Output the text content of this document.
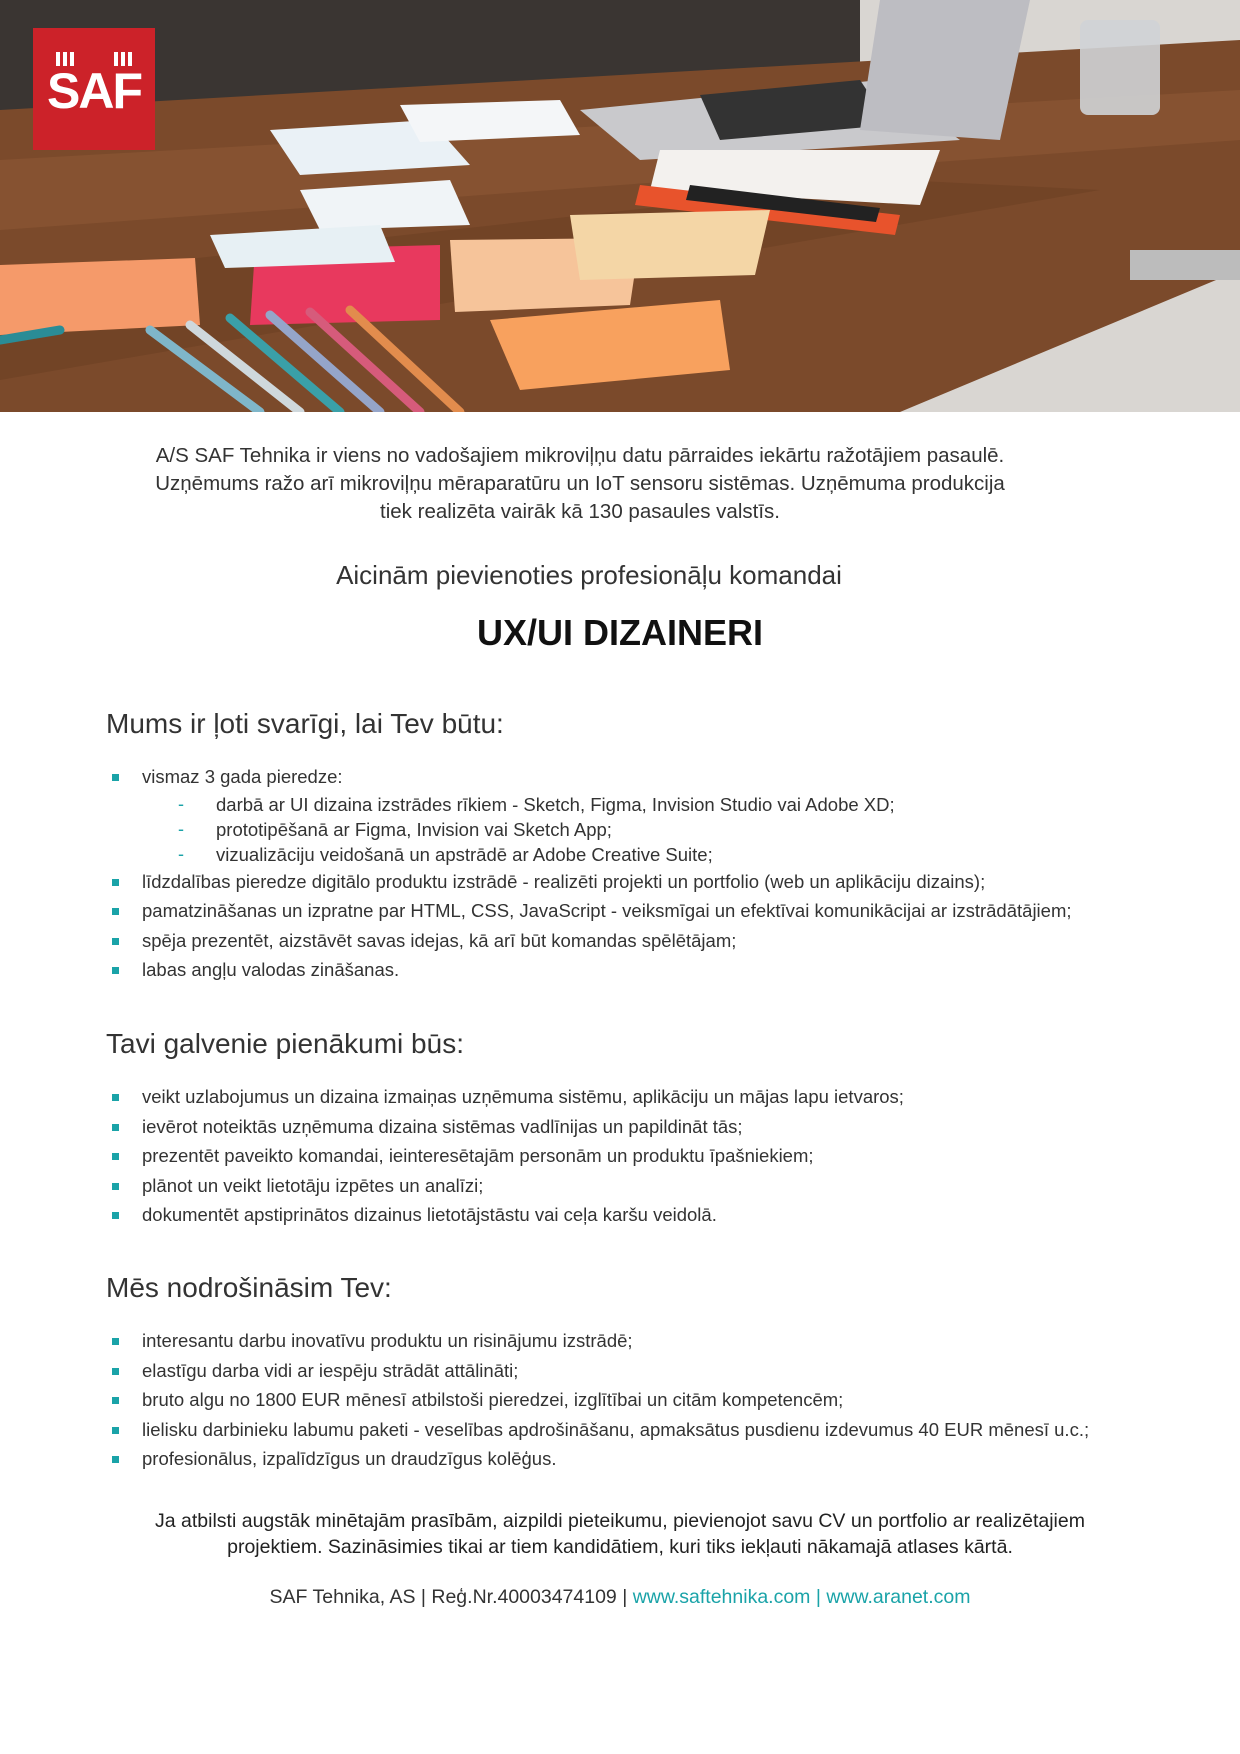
SAF
A/S SAF Tehnika ir viens no vadošajiem mikroviļņu datu pārraides iekārtu ražotājiem pasaulē.
Uzņēmums ražo arī mikroviļņu mēraparatūru un IoT sensoru sistēmas. Uzņēmuma produkcija
tiek realizēta vairāk kā 130 pasaules valstīs.
Aicinām pievienoties profesionāļu komandai
UX/UI DIZAINERI
Mums ir ļoti svarīgi, lai Tev būtu:
vismaz 3 gada pieredze:
- darbā ar UI dizaina izstrādes rīkiem - Sketch, Figma, Invision Studio vai Adobe XD;
- prototipēšanā ar Figma, Invision vai Sketch App;
- vizualizāciju veidošanā un apstrādē ar Adobe Creative Suite;
līdzdalības pieredze digitālo produktu izstrādē - realizēti projekti un portfolio (web un aplikāciju dizains);
pamatzināšanas un izpratne par HTML, CSS, JavaScript - veiksmīgai un efektīvai komunikācijai ar izstrādātājiem;
spēja prezentēt, aizstāvēt savas idejas, kā arī būt komandas spēlētājam;
labas angļu valodas zināšanas.
Tavi galvenie pienākumi būs:
veikt uzlabojumus un dizaina izmaiņas uzņēmuma sistēmu, aplikāciju un mājas lapu ietvaros;
ievērot noteiktās uzņēmuma dizaina sistēmas vadlīnijas un papildināt tās;
prezentēt paveikto komandai, ieinteresētajām personām un produktu īpašniekiem;
plānot un veikt lietotāju izpētes un analīzi;
dokumentēt apstiprinātos dizainus lietotājstāstu vai ceļa karšu veidolā.
Mēs nodrošināsim Tev:
interesantu darbu inovatīvu produktu un risinājumu izstrādē;
elastīgu darba vidi ar iespēju strādāt attālināti;
bruto algu no 1800 EUR mēnesī atbilstoši pieredzei, izglītībai un citām kompetencēm;
lielisku darbinieku labumu paketi - veselības apdrošināšanu, apmaksātus pusdienu izdevumus 40 EUR mēnesī u.c.;
profesionālus, izpalīdzīgus un draudzīgus kolēģus.
Ja atbilsti augstāk minētajām prasībām, aizpildi pieteikumu, pievienojot savu CV un portfolio ar realizētajiem
projektiem. Sazināsimies tikai ar tiem kandidātiem, kuri tiks iekļauti nākamajā atlases kārtā.
SAF Tehnika, AS | Reģ.Nr.40003474109 | www.saftehnika.com | www.aranet.com
